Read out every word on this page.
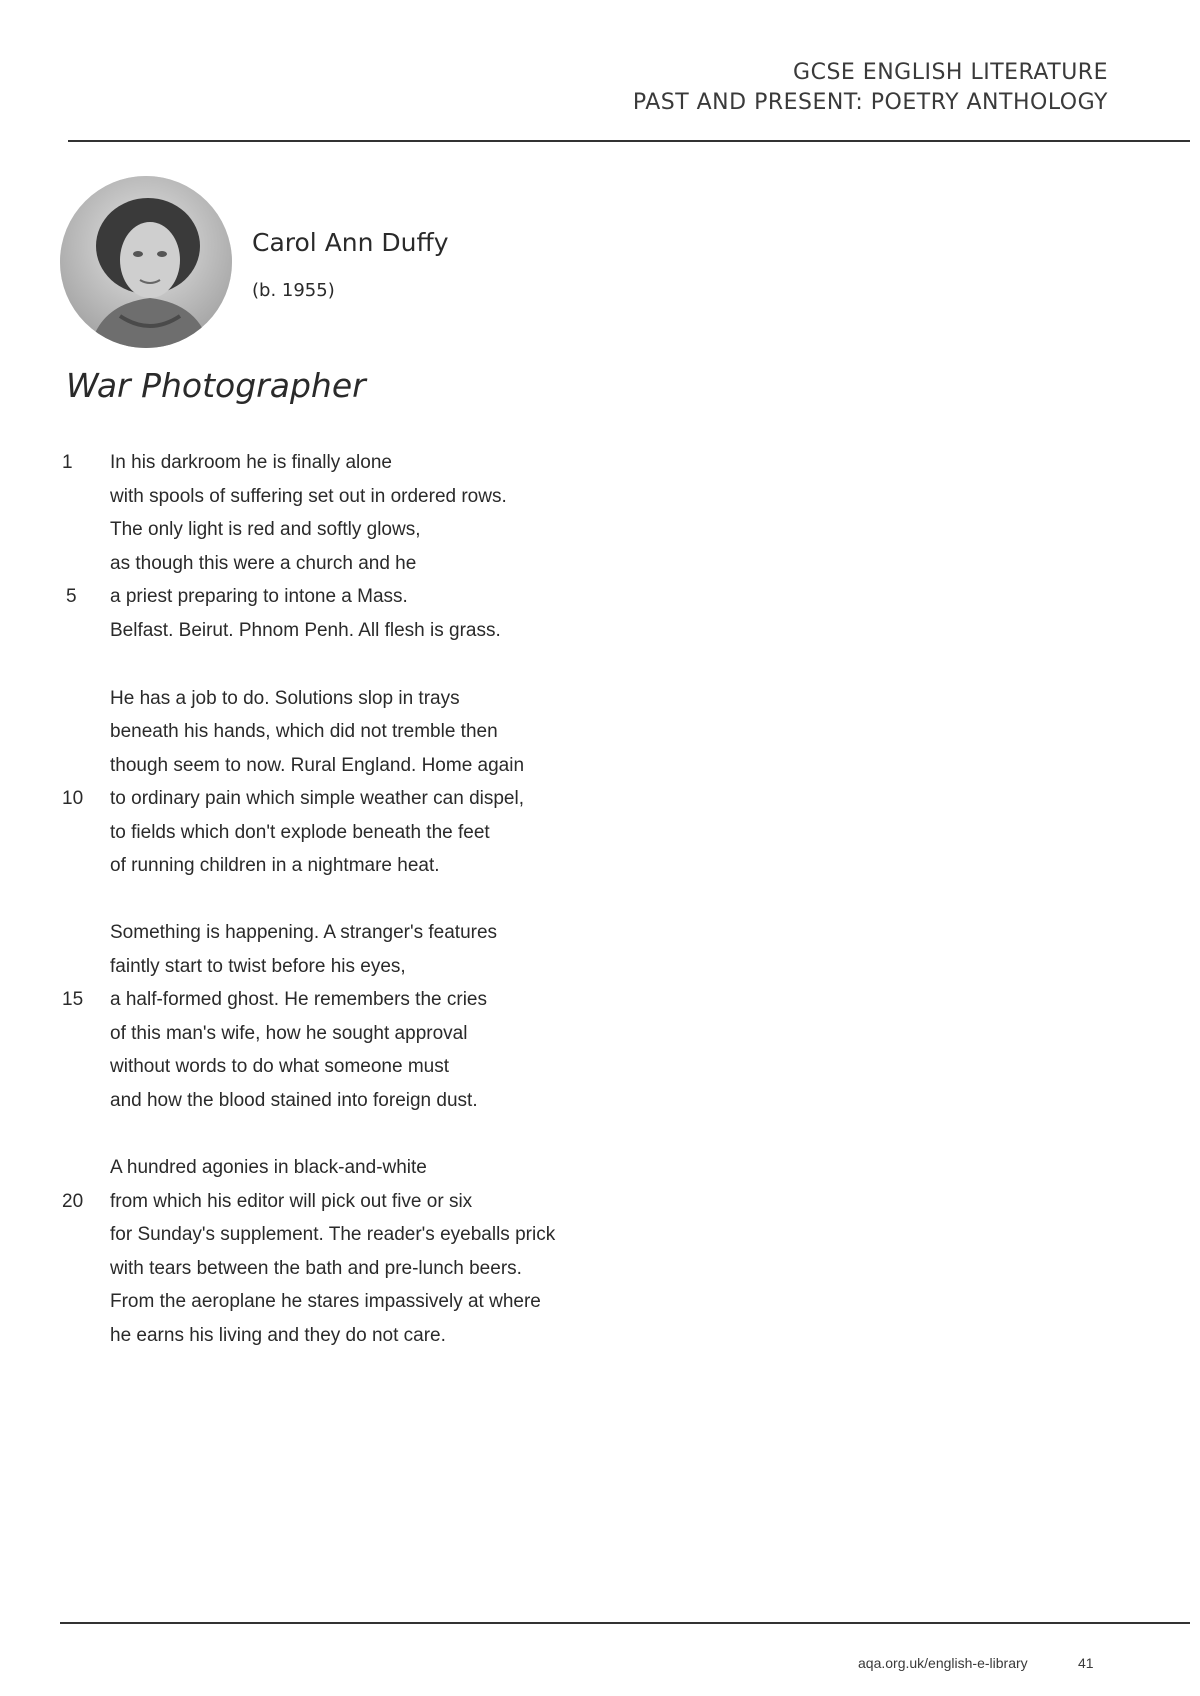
GCSE ENGLISH LITERATURE
PAST AND PRESENT: POETRY ANTHOLOGY
Carol Ann Duffy
(b. 1955)
War Photographer
In his darkroom he is finally alone
with spools of suffering set out in ordered rows.
The only light is red and softly glows,
as though this were a church and he
a priest preparing to intone a Mass.
Belfast. Beirut. Phnom Penh. All flesh is grass.
He has a job to do. Solutions slop in trays
beneath his hands, which did not tremble then
though seem to now. Rural England. Home again
to ordinary pain which simple weather can dispel,
to fields which don't explode beneath the feet
of running children in a nightmare heat.
Something is happening. A stranger's features
faintly start to twist before his eyes,
a half-formed ghost. He remembers the cries
of this man's wife, how he sought approval
without words to do what someone must
and how the blood stained into foreign dust.
A hundred agonies in black-and-white
from which his editor will pick out five or six
for Sunday's supplement. The reader's eyeballs prick
with tears between the bath and pre-lunch beers.
From the aeroplane he stares impassively at where
he earns his living and they do not care.
1
5
10
15
20
aqa.org.uk/english-e-library	41
